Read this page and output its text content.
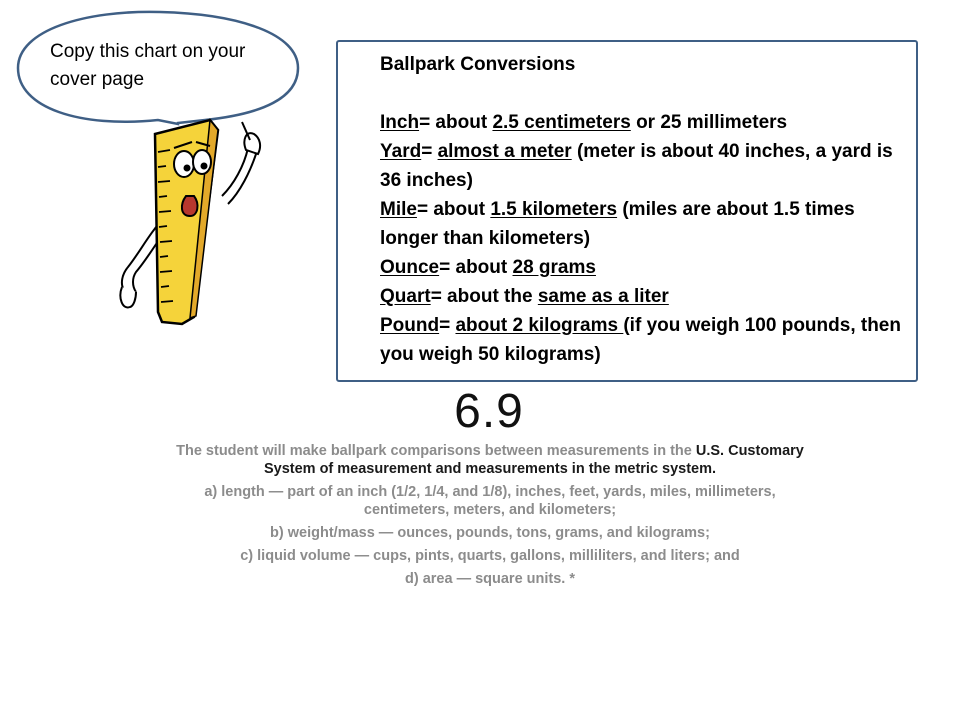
Copy this chart on your cover page
Ballpark Conversions
Inch= about 2.5 centimeters or 25 millimeters
Yard= almost a meter (meter is about 40 inches, a yard is 36 inches)
Mile= about 1.5 kilometers (miles are about 1.5 times longer than kilometers)
Ounce= about 28 grams
Quart= about the same as a liter
Pound= about 2 kilograms (if you weigh 100 pounds, then you weigh 50 kilograms)
6.9

The student will make ballpark comparisons between measurements in the U.S. Customary System of measurement and measurements in the metric system.

a) length — part of an inch (1/2, 1/4, and 1/8), inches, feet, yards, miles, millimeters, centimeters, meters, and kilometers;

b) weight/mass — ounces, pounds, tons, grams, and kilograms;

c) liquid volume — cups, pints, quarts, gallons, milliliters, and liters; and

d) area — square units. *
